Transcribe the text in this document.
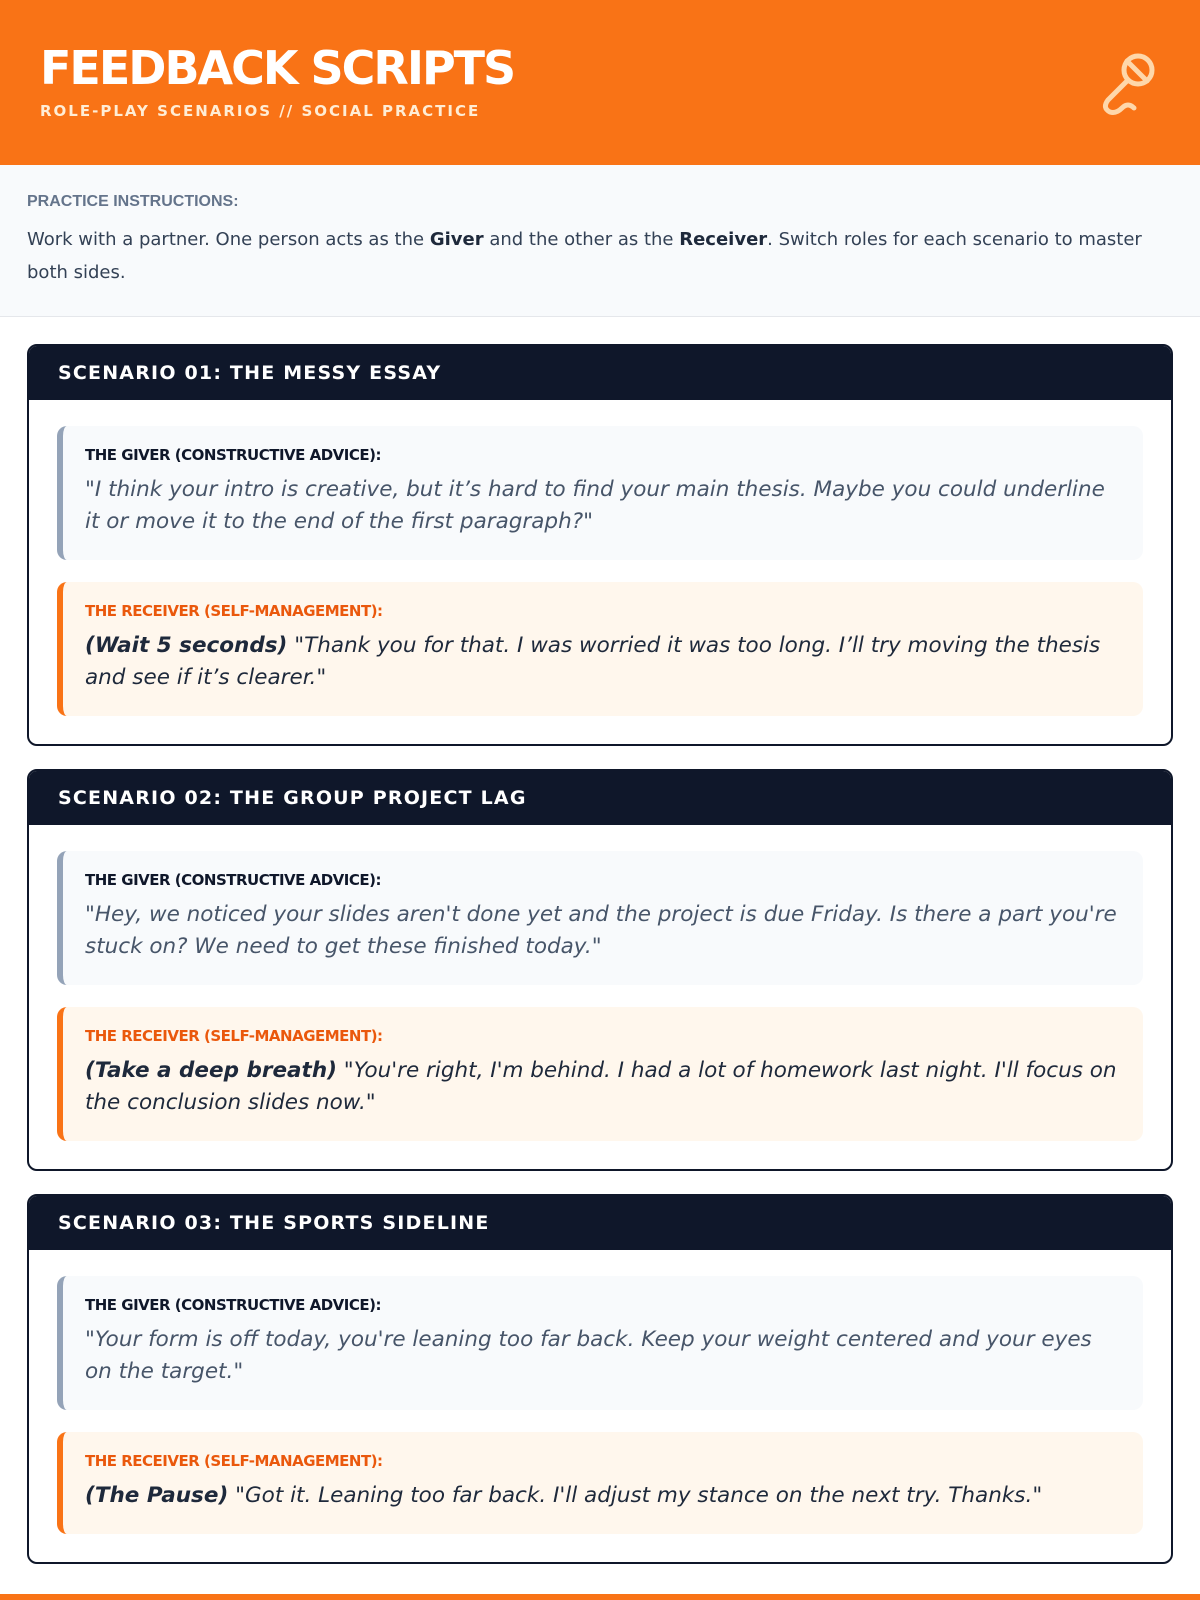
FEEDBACK SCRIPTS
ROLE-PLAY SCENARIOS // SOCIAL PRACTICE
PRACTICE INSTRUCTIONS:

Work with a partner. One person acts as the Giver and the other as the Receiver. Switch roles for each scenario to master both sides.

SCENARIO 01: THE MESSY ESSAY
THE GIVER (CONSTRUCTIVE ADVICE):

"I think your intro is creative, but it’s hard to find your main thesis. Maybe you could underline it or move it to the end of the first paragraph?"

THE RECEIVER (SELF-MANAGEMENT):

(Wait 5 seconds) "Thank you for that. I was worried it was too long. I’ll try moving the thesis and see if it’s clearer."

SCENARIO 02: THE GROUP PROJECT LAG
THE GIVER (CONSTRUCTIVE ADVICE):

"Hey, we noticed your slides aren't done yet and the project is due Friday. Is there a part you're stuck on? We need to get these finished today."

THE RECEIVER (SELF-MANAGEMENT):

(Take a deep breath) "You're right, I'm behind. I had a lot of homework last night. I'll focus on the conclusion slides now."

SCENARIO 03: THE SPORTS SIDELINE
THE GIVER (CONSTRUCTIVE ADVICE):

"Your form is off today, you're leaning too far back. Keep your weight centered and your eyes on the target."

THE RECEIVER (SELF-MANAGEMENT):

(The Pause) "Got it. Leaning too far back. I'll adjust my stance on the next try. Thanks."
